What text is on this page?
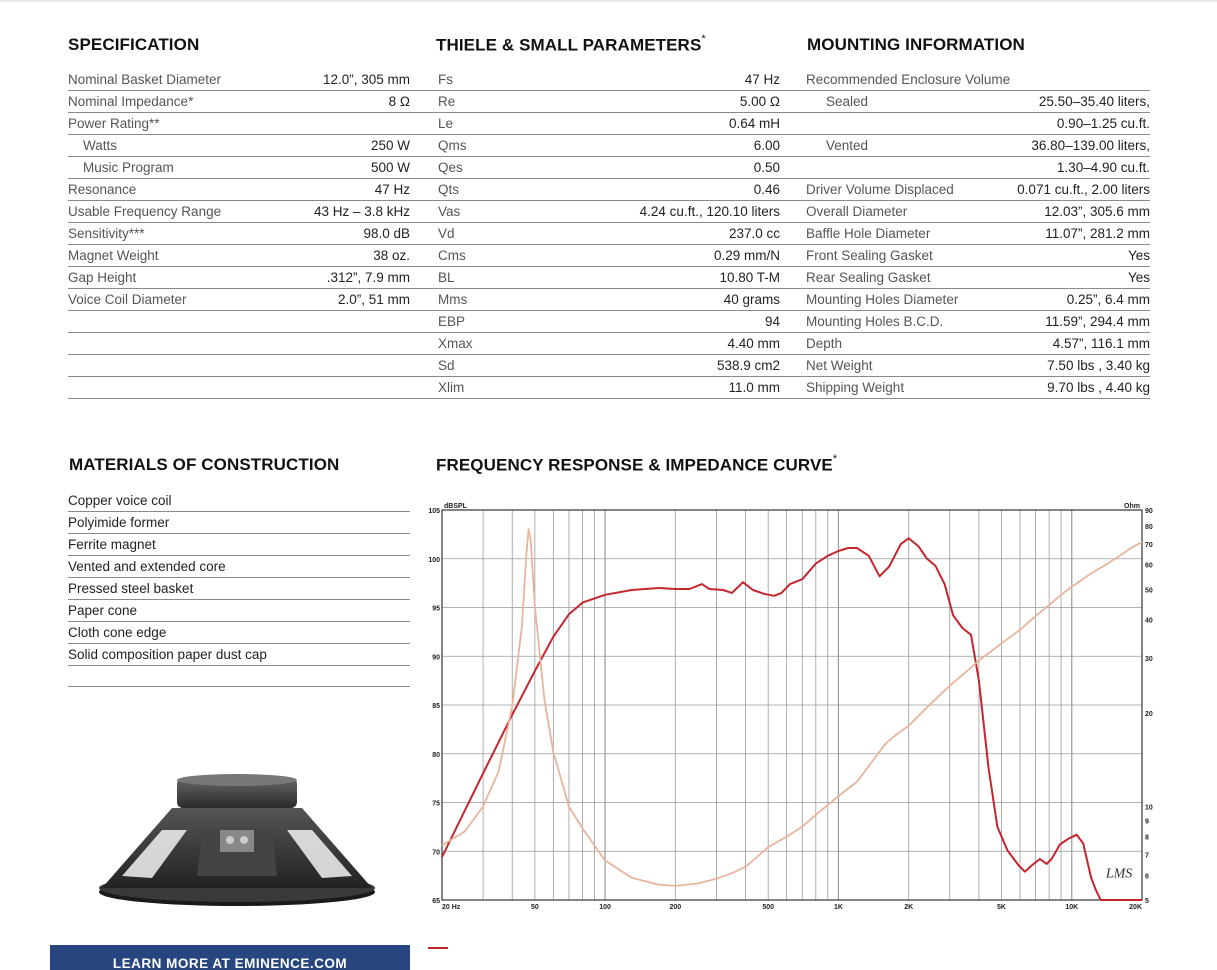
SPECIFICATION	THIELE & SMALL PARAMETERS*	MOUNTING INFORMATION
MATERIALS OF CONSTRUCTION	FREQUENCY RESPONSE & IMPEDANCE CURVE*
Nominal Basket Diameter	12.0”, 305 mm
Nominal Impedance*	8 Ω
Power Rating**
Watts	250 W
Music Program	500 W
Resonance	47 Hz
Usable Frequency Range	43 Hz – 3.8 kHz
Sensitivity***	98.0 dB
Magnet Weight	38 oz.
Gap Height	.312”, 7.9 mm
Voice Coil Diameter	2.0”, 51 mm
Fs	47 Hz
Re	5.00 Ω
Le	0.64 mH
Qms	6.00
Qes	0.50
Qts	0.46
Vas	4.24 cu.ft., 120.10 liters
Vd	237.0 cc
Cms	0.29 mm/N
BL	10.80 T-M
Mms	40 grams
EBP	94
Xmax	4.40 mm
Sd	538.9 cm2
Xlim	11.0 mm
Recommended Enclosure Volume
Sealed	25.50–35.40 liters,
0.90–1.25 cu.ft.
Vented	36.80–139.00 liters,
1.30–4.90 cu.ft.
Driver Volume Displaced	0.071 cu.ft., 2.00 liters
Overall Diameter	12.03”, 305.6 mm
Baffle Hole Diameter	11.07”, 281.2 mm
Front Sealing Gasket	Yes
Rear Sealing Gasket	Yes
Mounting Holes Diameter	0.25”, 6.4 mm
Mounting Holes B.C.D.	11.59”, 294.4 mm
Depth	4.57”, 116.1 mm
Net Weight	7.50 lbs , 3.40 kg
Shipping Weight	9.70 lbs , 4.40 kg
Copper voice coil
Polyimide former
Ferrite magnet
Vented and extended core
Pressed steel basket
Paper cone
Cloth cone edge
Solid composition paper dust cap
65
70
75
80
85
90
95
100
105
5
6
7
8
9
10
20
30
40
50
60
70
80
90
dBSPL	Ohm
20 Hz	50	100	200	500	1K	2K	5K	10K	20K
LMS
LEARN MORE AT EMINENCE.COM
